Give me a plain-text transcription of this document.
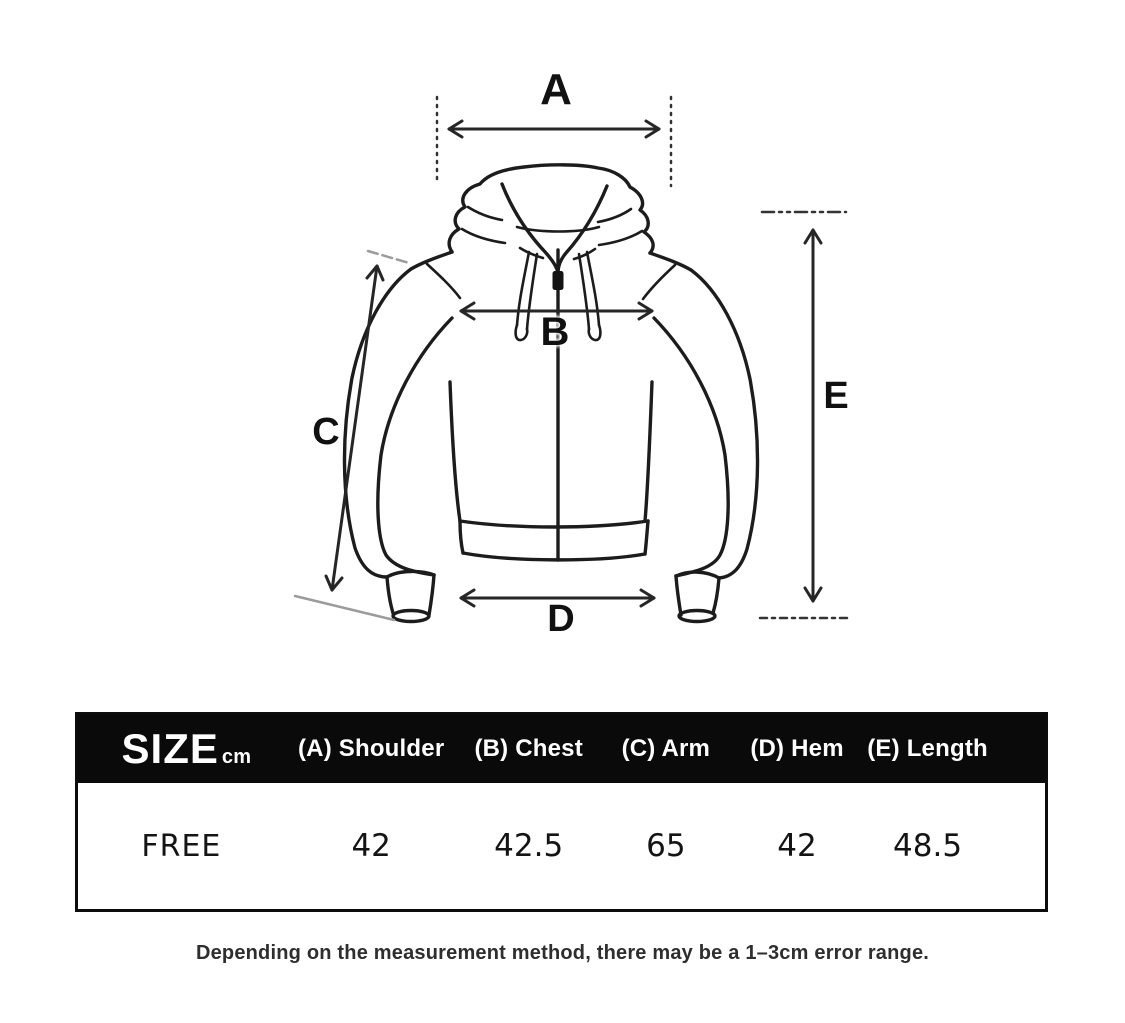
A
B
C
D
E
SIZE cm	(A) Shoulder	(B) Chest	(C) Arm	(D) Hem (E) Length
FREE	42	42.5	65	42	48.5
Depending on the measurement method, there may be a 1–3cm error range.
